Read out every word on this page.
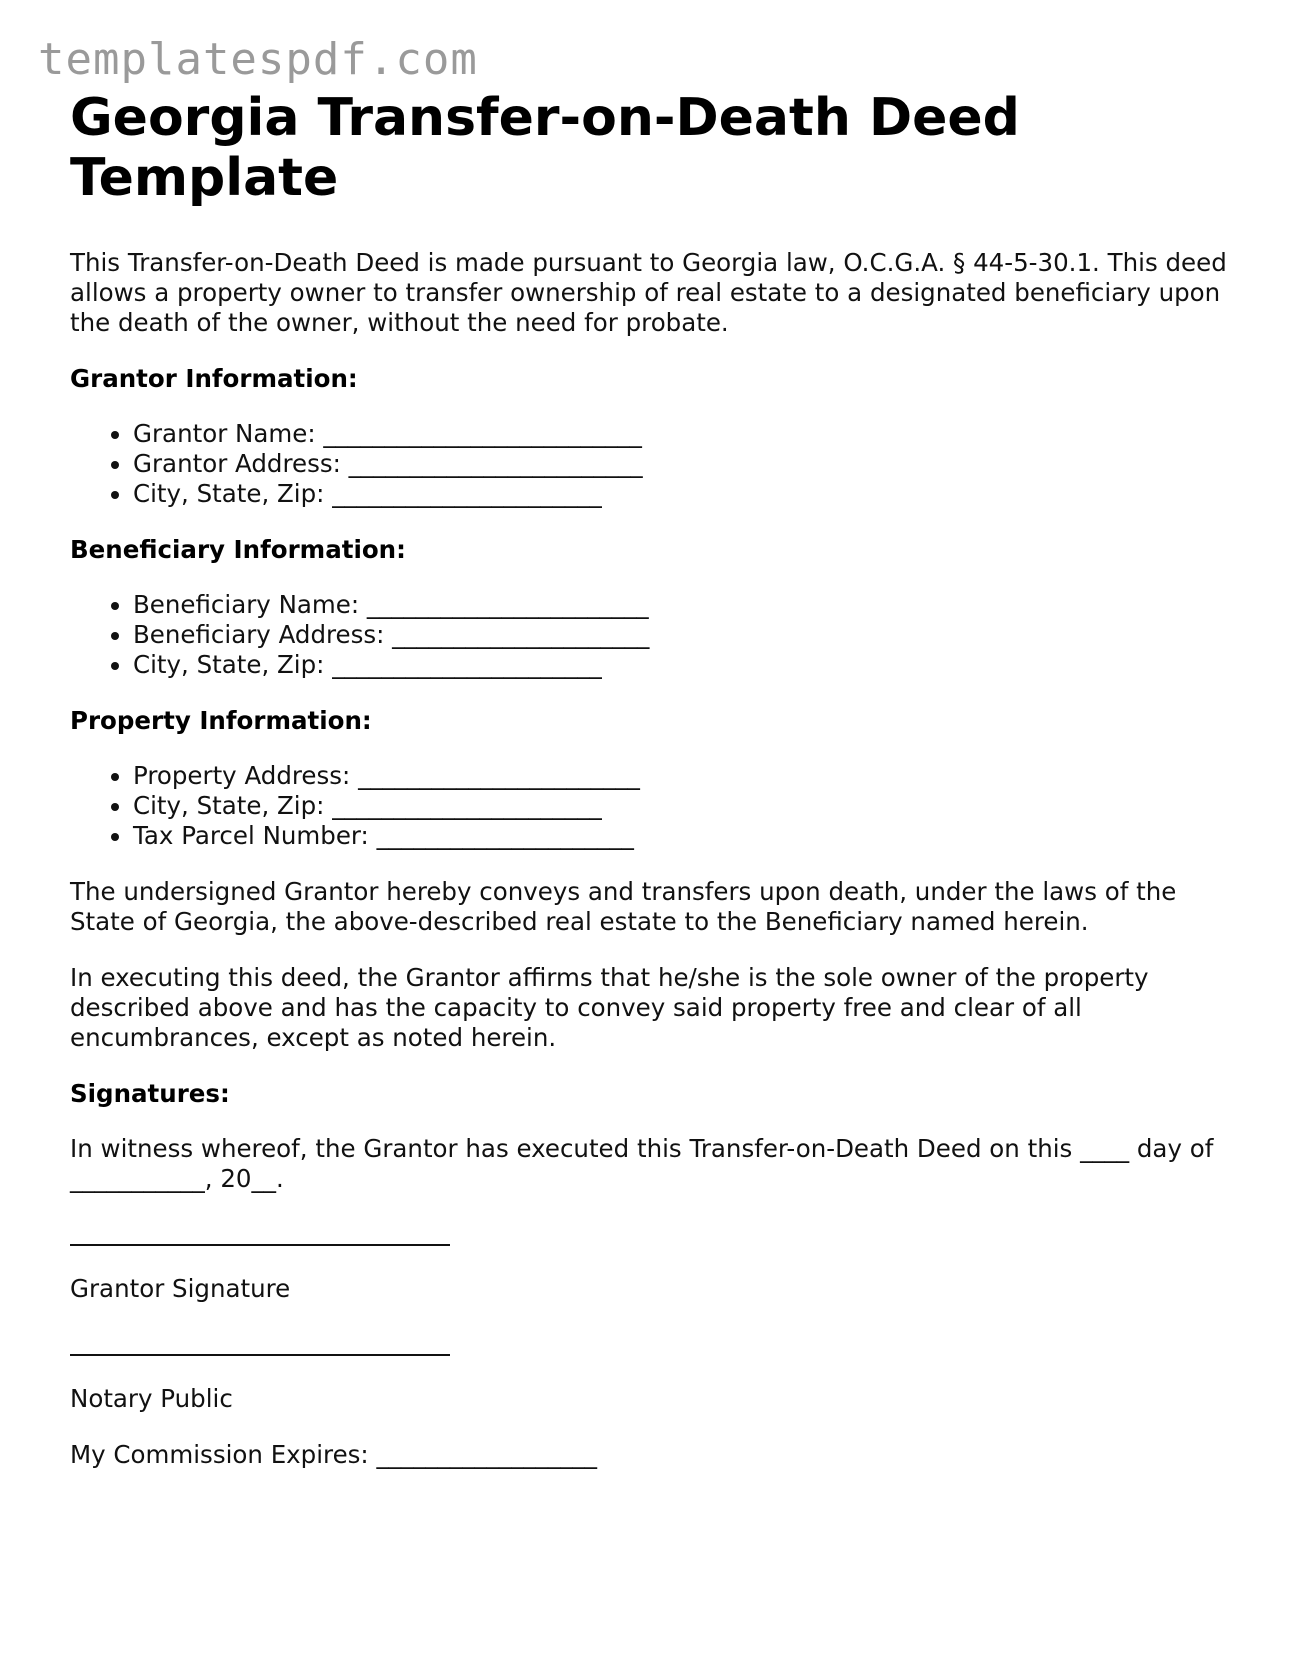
templatespdf.com
Georgia Transfer-on-Death Deed Template

This Transfer-on-Death Deed is made pursuant to Georgia law, O.C.G.A. § 44-5-30.1. This deed allows a property owner to transfer ownership of real estate to a designated beneficiary upon the death of the owner, without the need for probate.

Grantor Information:
• Grantor Name: __________________________
• Grantor Address: ________________________
• City, State, Zip: ______________________
Beneficiary Information:
• Beneficiary Name: _______________________
• Beneficiary Address: _____________________
• City, State, Zip: ______________________
Property Information:
• Property Address: _______________________
• City, State, Zip: ______________________
• Tax Parcel Number: _____________________

The undersigned Grantor hereby conveys and transfers upon death, under the laws of the State of Georgia, the above-described real estate to the Beneficiary named herein.

In executing this deed, the Grantor affirms that he/she is the sole owner of the property described above and has the capacity to convey said property free and clear of all encumbrances, except as noted herein.

Signatures:

In witness whereof, the Grantor has executed this Transfer-on-Death Deed on this ____ day of ___________, 20__.

Grantor Signature

Notary Public

My Commission Expires: __________________
